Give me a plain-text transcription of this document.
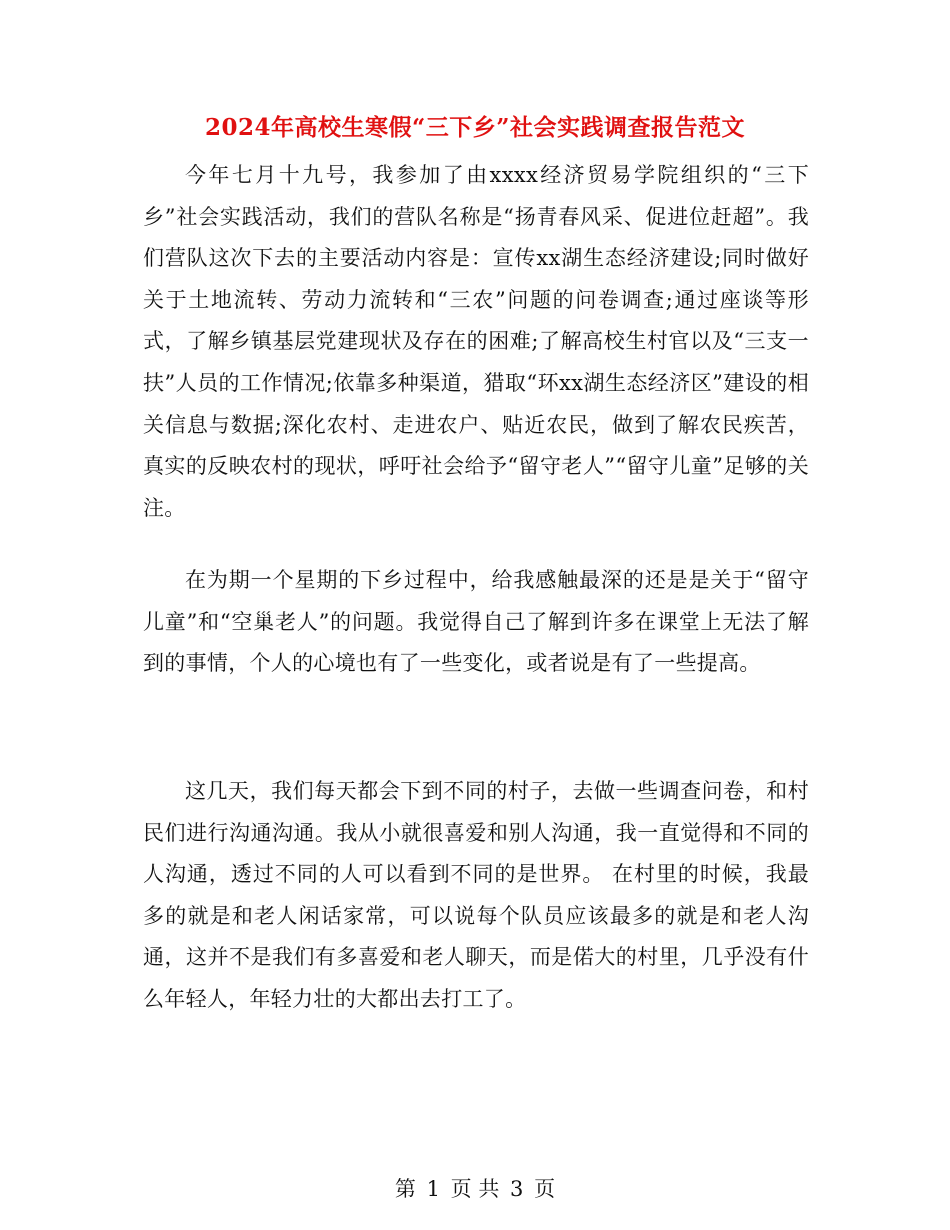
2024年高校生寒假“三下乡”社会实践调查报告范文

今年七月十九号，我参加了由xxxx经济贸易学院组织的“三下乡”社会实践活动，我们的营队名称是“扬青春风采、促进位赶超”。我们营队这次下去的主要活动内容是：宣传xx湖生态经济建设;同时做好关于土地流转、劳动力流转和“三农”问题的问卷调查;通过座谈等形式，了解乡镇基层党建现状及存在的困难;了解高校生村官以及“三支一扶”人员的工作情况;依靠多种渠道，猎取“环xx湖生态经济区”建设的相关信息与数据;深化农村、走进农户、贴近农民，做到了解农民疾苦，真实的反映农村的现状，呼吁社会给予“留守老人”“留守儿童”足够的关注。

在为期一个星期的下乡过程中，给我感触最深的还是是关于“留守儿童”和“空巢老人”的问题。我觉得自己了解到许多在课堂上无法了解到的事情，个人的心境也有了一些变化，或者说是有了一些提高。

这几天，我们每天都会下到不同的村子，去做一些调查问卷，和村民们进行沟通沟通。我从小就很喜爱和别人沟通，我一直觉得和不同的人沟通，透过不同的人可以看到不同的是世界。 在村里的时候，我最多的就是和老人闲话家常，可以说每个队员应该最多的就是和老人沟通，这并不是我们有多喜爱和老人聊天，而是偌大的村里，几乎没有什么年轻人，年轻力壮的大都出去打工了。

第 1 页 共 3 页
